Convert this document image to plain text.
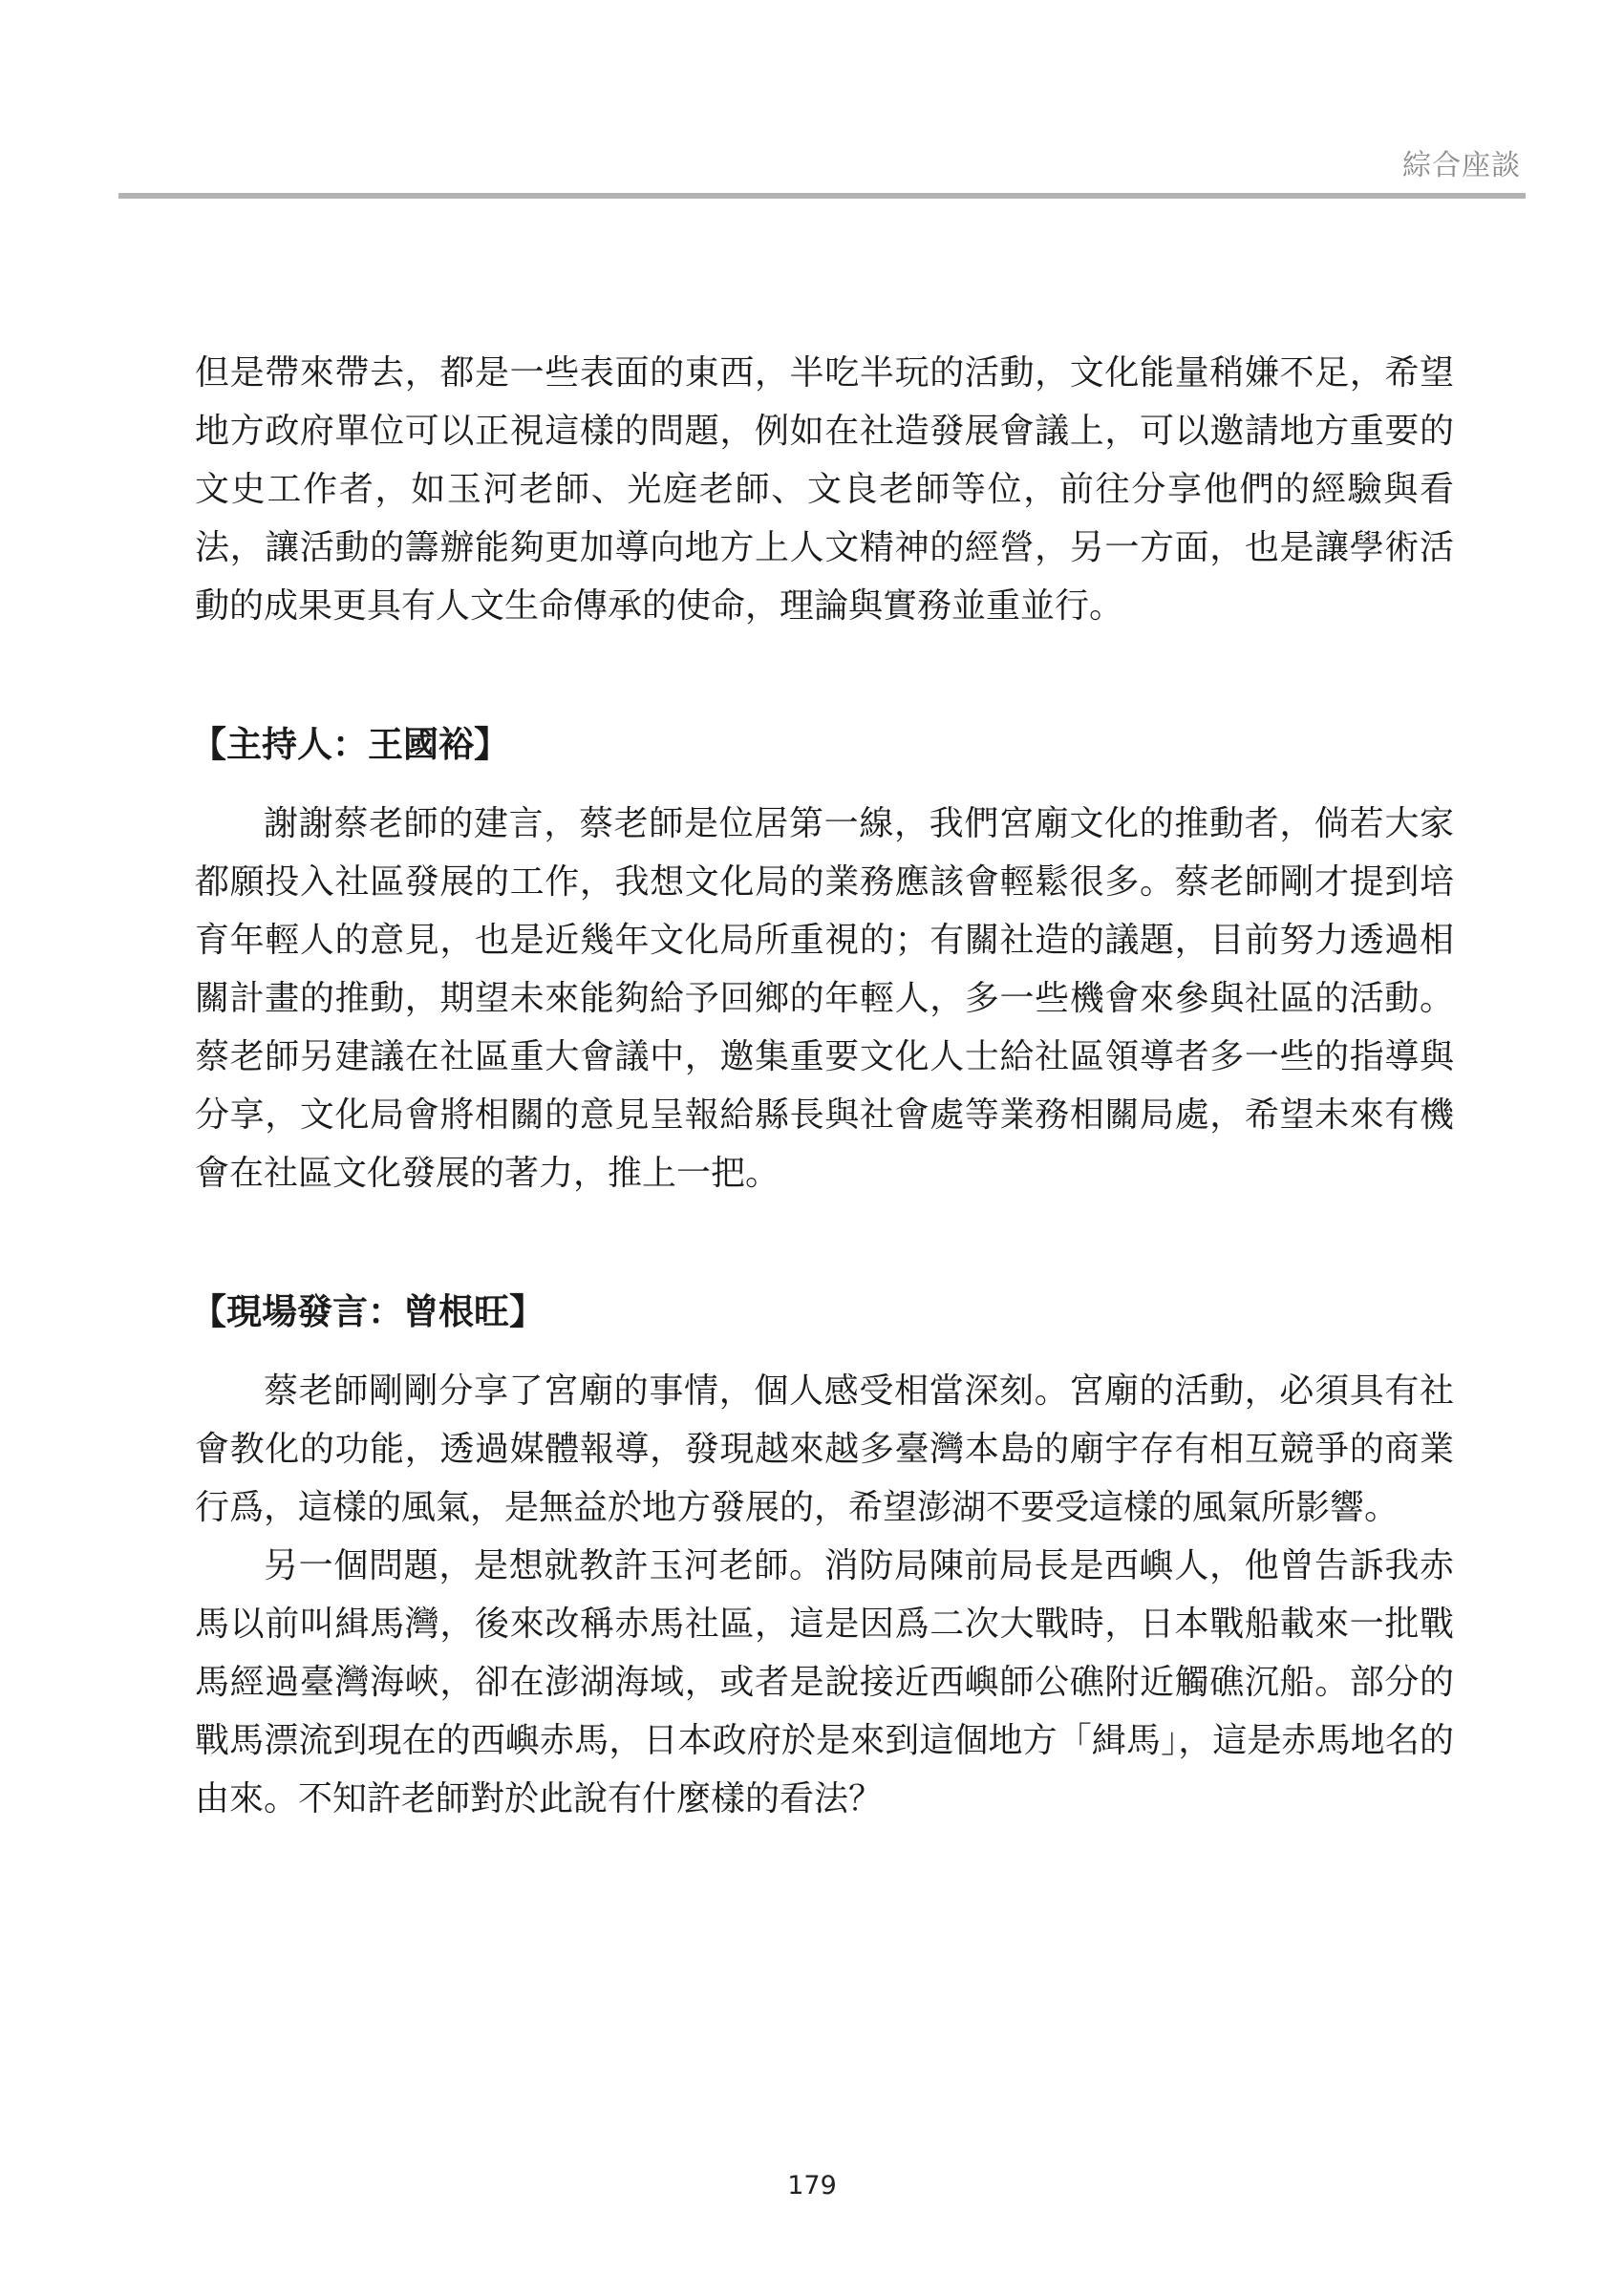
綜合座談

但是帶來帶去，都是一些表面的東西，半吃半玩的活動，文化能量稍嫌不足，希望地方政府單位可以正視這樣的問題，例如在社造發展會議上，可以邀請地方重要的文史工作者，如玉河老師、光庭老師、文良老師等位，前往分享他們的經驗與看法，讓活動的籌辦能夠更加導向地方上人文精神的經營，另一方面，也是讓學術活動的成果更具有人文生命傳承的使命，理論與實務並重並行。

【主持人：王國裕】

謝謝蔡老師的建言，蔡老師是位居第一線，我們宮廟文化的推動者，倘若大家都願投入社區發展的工作，我想文化局的業務應該會輕鬆很多。蔡老師剛才提到培育年輕人的意見，也是近幾年文化局所重視的；有關社造的議題，目前努力透過相關計畫的推動，期望未來能夠給予回鄉的年輕人，多一些機會來參與社區的活動。蔡老師另建議在社區重大會議中，邀集重要文化人士給社區領導者多一些的指導與分享，文化局會將相關的意見呈報給縣長與社會處等業務相關局處，希望未來有機會在社區文化發展的著力，推上一把。

【現場發言：曾根旺】

蔡老師剛剛分享了宮廟的事情，個人感受相當深刻。宮廟的活動，必須具有社會教化的功能，透過媒體報導，發現越來越多臺灣本島的廟宇存有相互競爭的商業行爲，這樣的風氣，是無益於地方發展的，希望澎湖不要受這樣的風氣所影響。

另一個問題，是想就教許玉河老師。消防局陳前局長是西嶼人，他曾告訴我赤馬以前叫緝馬灣，後來改稱赤馬社區，這是因爲二次大戰時，日本戰船載來一批戰馬經過臺灣海峽，卻在澎湖海域，或者是說接近西嶼師公礁附近觸礁沉船。部分的戰馬漂流到現在的西嶼赤馬，日本政府於是來到這個地方「緝馬」，這是赤馬地名的由來。不知許老師對於此說有什麼樣的看法？

179
